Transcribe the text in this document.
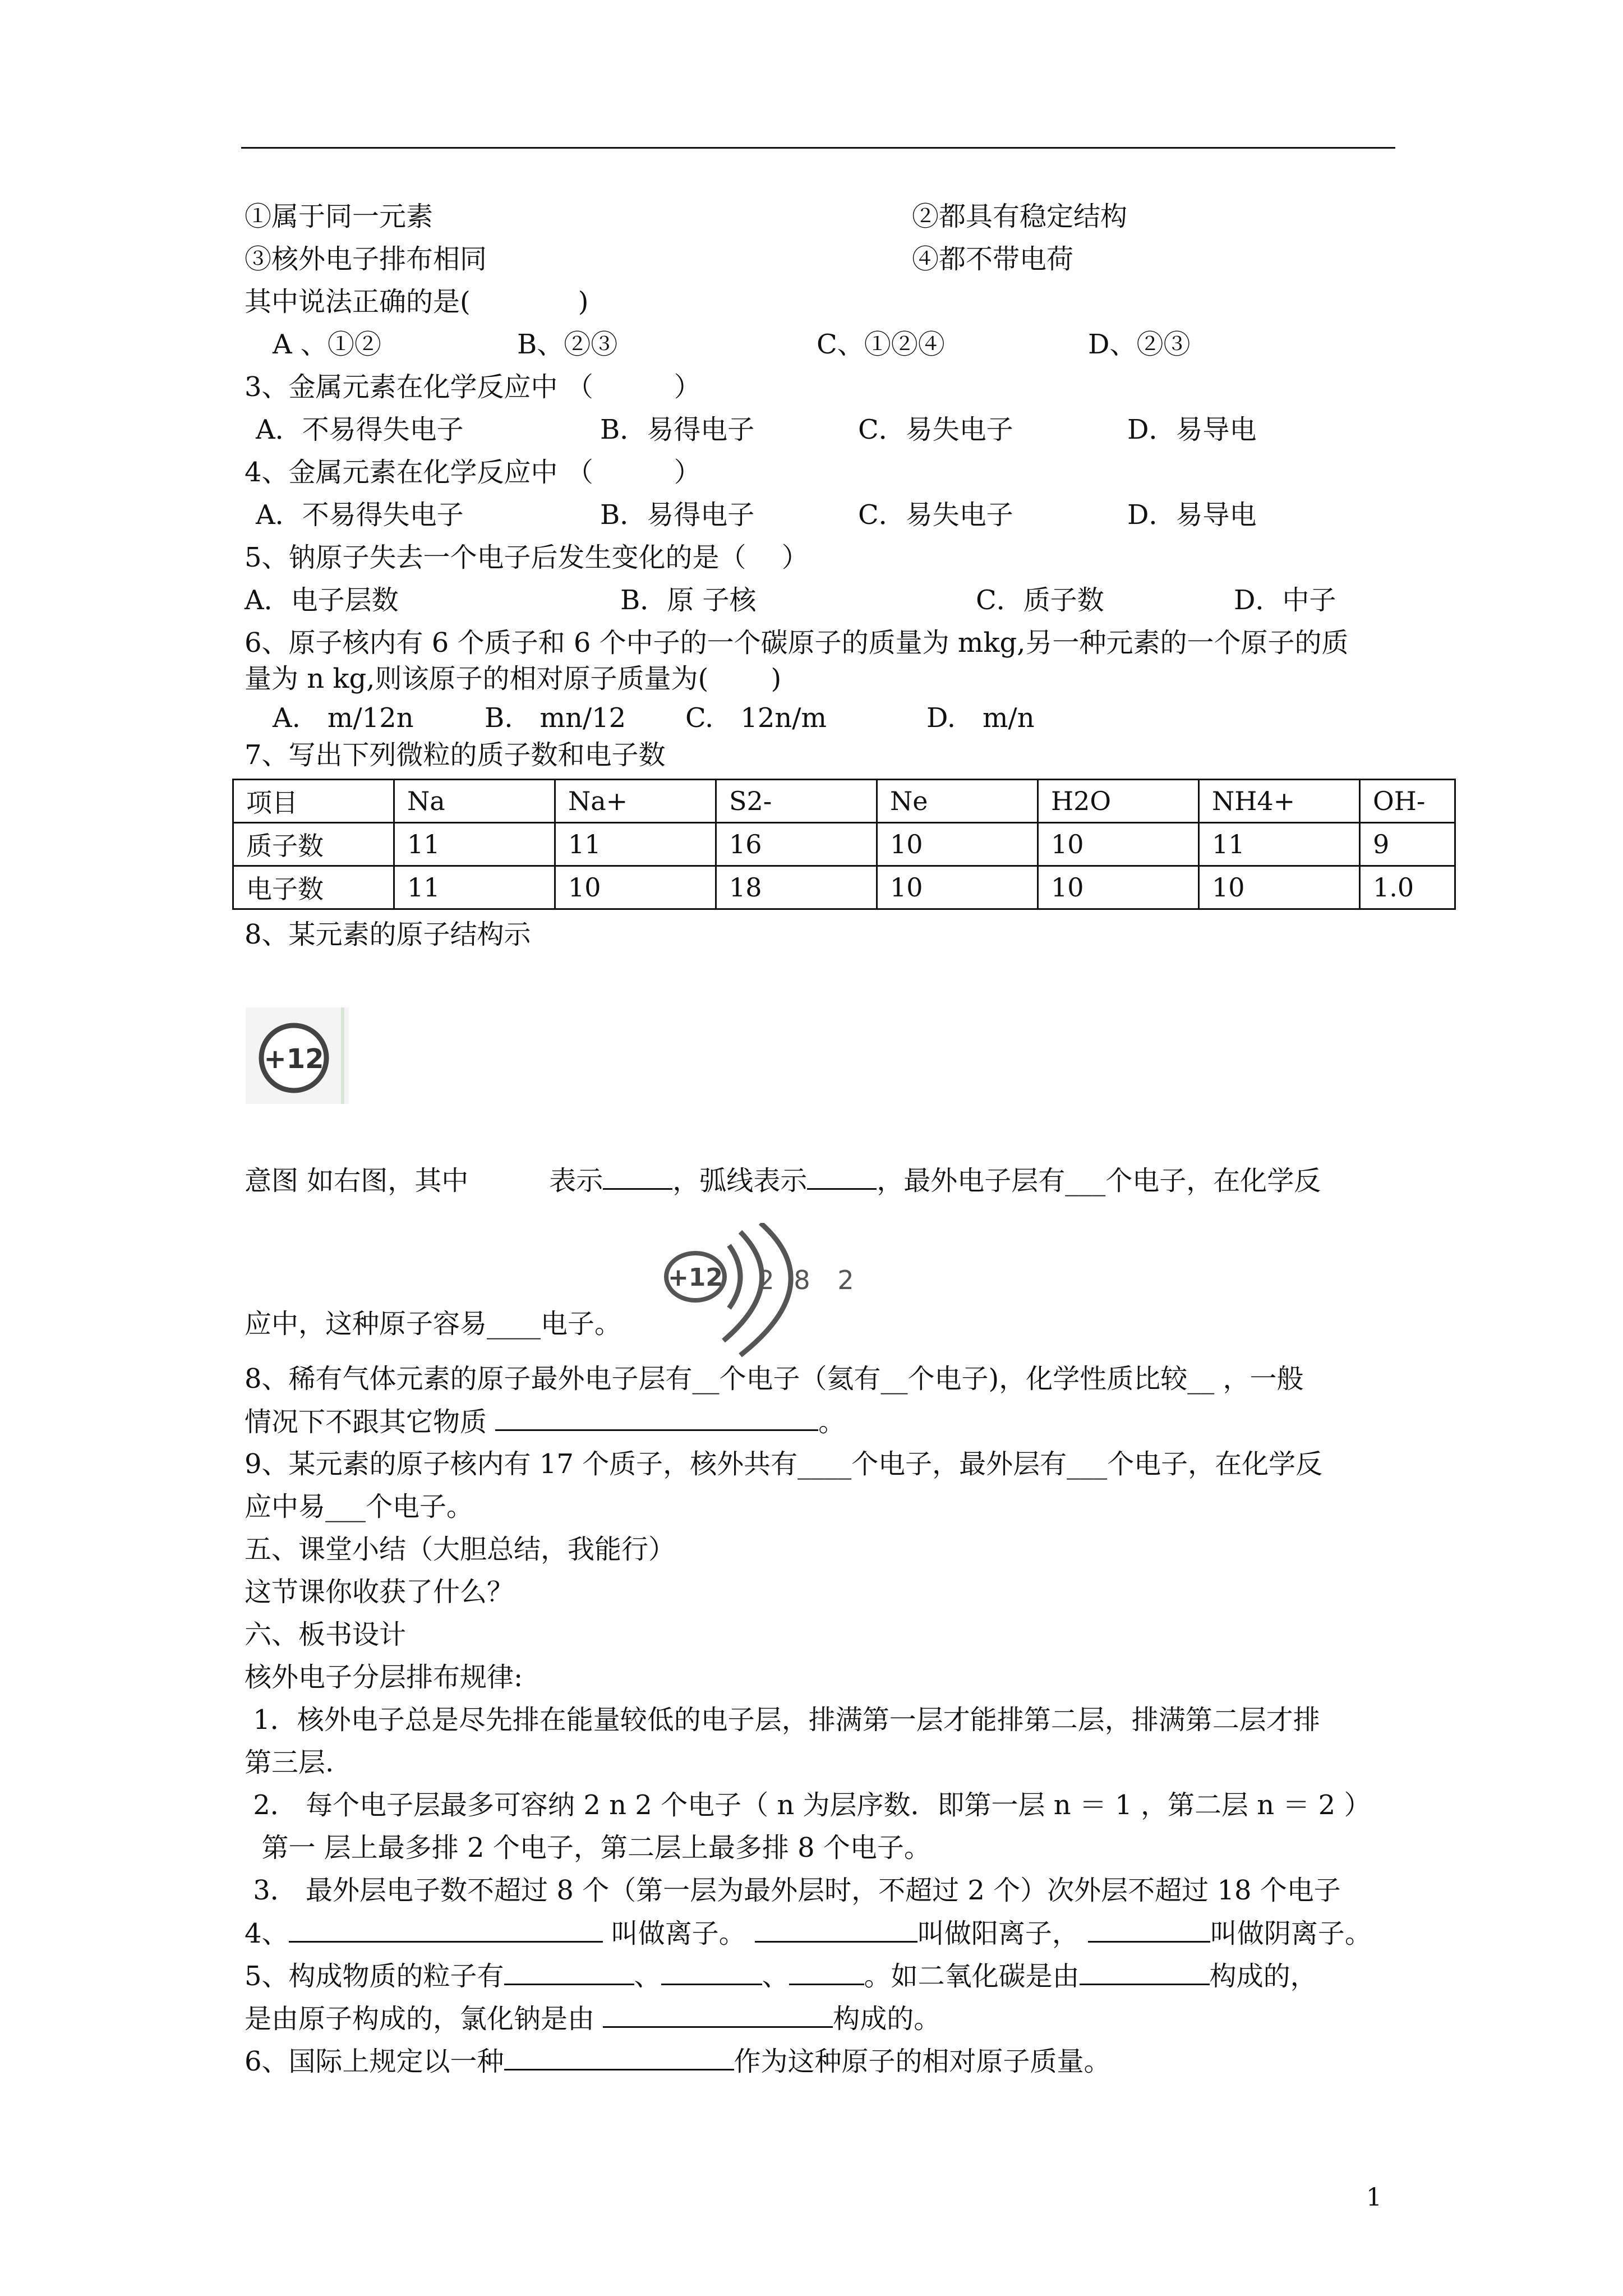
①属于同一元素	②都具有稳定结构
③核外电子排布相同	④都不带电荷
其中说法正确的是(　　　　)
A 、①②	B、②③	C、①②④	D、②③
3、金属元素在化学反应中 （　　　）
A．不易得失电子	B．易得电子	C．易失电子	D．易导电
4、金属元素在化学反应中 （　　　）
A．不易得失电子	B．易得电子	C．易失电子	D．易导电
5、钠原子失去一个电子后发生变化的是（　 ）
A．电子层数	B．原 子核	C．质子数	D．中子
6、原子核内有 6 个质子和 6 个中子的一个碳原子的质量为 mkg,另一种元素的一个原子的质
量为 n kg,则该原子的相对原子质量为(　　 )
A.　m/12n	B.　mn/12 C.　12n/m	D.　m/n
7、写出下列微粒的质子数和电子数
项目	Na	Na+	S2-	Ne	H2O	NH4+	OH-
质子数	11	11	16	10	10	11	9
电子数	11	10	18	10	10	10	1.0
8、某元素的原子结构示
+12
意图 如右图，其中　　　表示	，弧线表示	，最外电子层有___个电子，在化学反
+12 2 8 2
应中，这种原子容易____电子。
8、稀有气体元素的原子最外电子层有__个电子（氦有__个电子)，化学性质比较__ ，一般
情况下不跟其它物质	。
9、某元素的原子核内有 17 个质子，核外共有____个电子，最外层有___个电子，在化学反
应中易___个电子。
五、课堂小结（大胆总结，我能行）
这节课你收获了什么？
六、板书设计
核外电子分层排布规律:
1．核外电子总是尽先排在能量较低的电子层，排满第一层才能排第二层，排满第二层才排
第三层.
2． 每个电子层最多可容纳 2 n 2 个电子（ n 为层序数．即第一层 n ＝ 1 ，第二层 n ＝ 2 ）
第一 层上最多排 2 个电子，第二层上最多排 8 个电子。
3． 最外层电子数不超过 8 个（第一层为最外层时，不超过 2 个）次外层不超过 18 个电子
4、	叫做离子。	叫做阳离子，	叫做阴离子。
5、构成物质的粒子有	、	、	。如二氧化碳是由	构成的，
是由原子构成的，氯化钠是由	构成的。
6、国际上规定以一种	作为这种原子的相对原子质量。
1
